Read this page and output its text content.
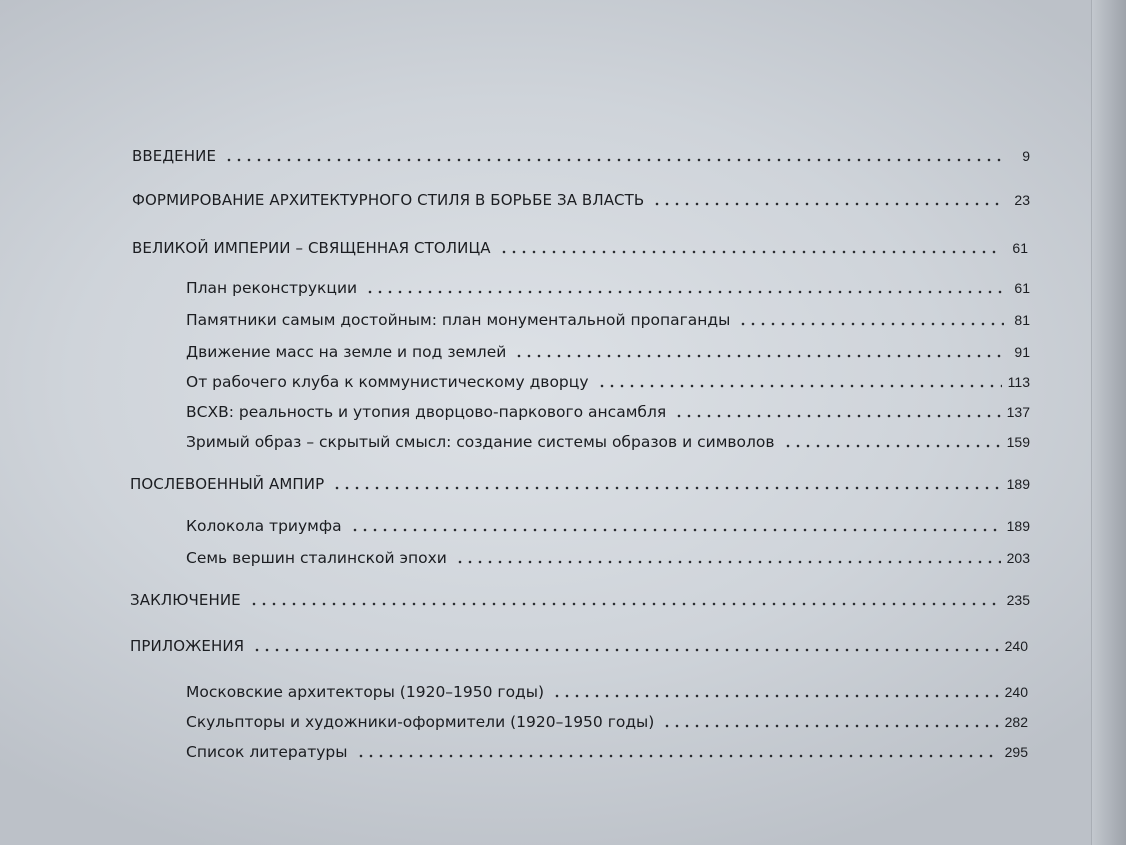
ВВЕДЕНИЕ	9
ФОРМИРОВАНИЕ АРХИТЕКТУРНОГО СТИЛЯ В БОРЬБЕ ЗА ВЛАСТЬ	23
ВЕЛИКОЙ ИМПЕРИИ – СВЯЩЕННАЯ СТОЛИЦА	61
План реконструкции	61
Памятники самым достойным: план монументальной пропаганды	81
Движение масс на земле и под землей	91
От рабочего клуба к коммунистическому дворцу	113
ВСХВ: реальность и утопия дворцово-паркового ансамбля	137
Зримый образ – скрытый смысл: создание системы образов и символов	159
ПОСЛЕВОЕННЫЙ АМПИР	189
Колокола триумфа	189
Семь вершин сталинской эпохи	203
ЗАКЛЮЧЕНИЕ	235
ПРИЛОЖЕНИЯ	240
Московские архитекторы (1920–1950 годы)	240
Скульпторы и художники-оформители (1920–1950 годы)	282
Список литературы	295
